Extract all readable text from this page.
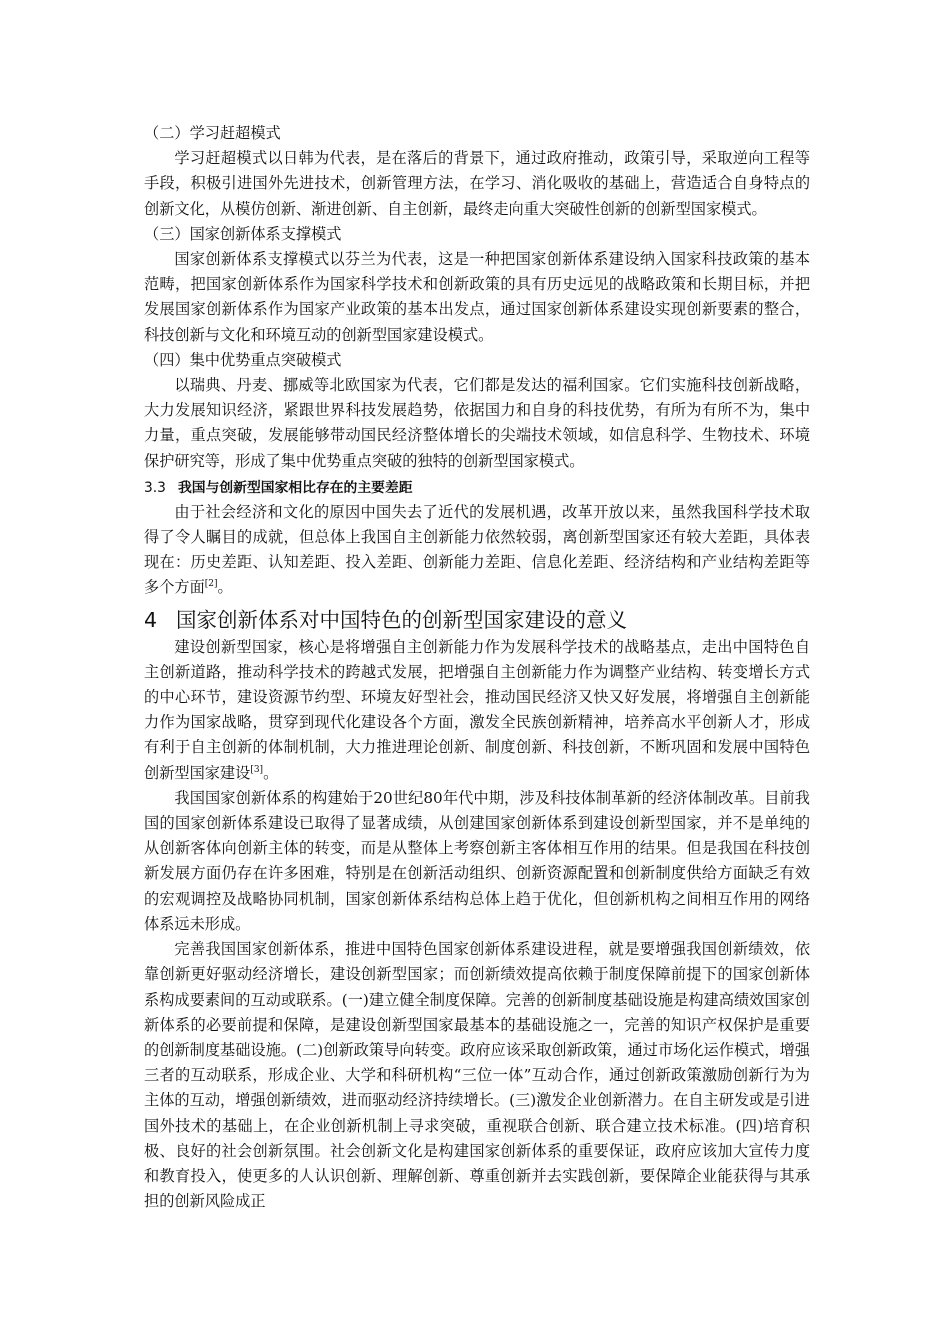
（二）学习赶超模式

学习赶超模式以日韩为代表，是在落后的背景下，通过政府推动，政策引导，采取逆向工程等手段，积极引进国外先进技术，创新管理方法，在学习、消化吸收的基础上，营造适合自身特点的创新文化，从模仿创新、渐进创新、自主创新，最终走向重大突破性创新的创新型国家模式。

（三）国家创新体系支撑模式

国家创新体系支撑模式以芬兰为代表，这是一种把国家创新体系建设纳入国家科技政策的基本范畴，把国家创新体系作为国家科学技术和创新政策的具有历史远见的战略政策和长期目标，并把发展国家创新体系作为国家产业政策的基本出发点，通过国家创新体系建设实现创新要素的整合，科技创新与文化和环境互动的创新型国家建设模式。

（四）集中优势重点突破模式

以瑞典、丹麦、挪威等北欧国家为代表，它们都是发达的福利国家。它们实施科技创新战略，大力发展知识经济，紧跟世界科技发展趋势，依据国力和自身的科技优势，有所为有所不为，集中力量，重点突破，发展能够带动国民经济整体增长的尖端技术领域，如信息科学、生物技术、环境保护研究等，形成了集中优势重点突破的独特的创新型国家模式。

3.3 我国与创新型国家相比存在的主要差距

由于社会经济和文化的原因中国失去了近代的发展机遇，改革开放以来，虽然我国科学技术取得了令人瞩目的成就，但总体上我国自主创新能力依然较弱，离创新型国家还有较大差距，具体表现在：历史差距、认知差距、投入差距、创新能力差距、信息化差距、经济结构和产业结构差距等多个方面[2]。

4 国家创新体系对中国特色的创新型国家建设的意义

建设创新型国家，核心是将增强自主创新能力作为发展科学技术的战略基点，走出中国特色自主创新道路，推动科学技术的跨越式发展，把增强自主创新能力作为调整产业结构、转变增长方式的中心环节，建设资源节约型、环境友好型社会，推动国民经济又快又好发展，将增强自主创新能力作为国家战略，贯穿到现代化建设各个方面，激发全民族创新精神，培养高水平创新人才，形成有利于自主创新的体制机制，大力推进理论创新、制度创新、科技创新，不断巩固和发展中国特色创新型国家建设[3]。

我国国家创新体系的构建始于20世纪80年代中期，涉及科技体制革新的经济体制改革。目前我国的国家创新体系建设已取得了显著成绩，从创建国家创新体系到建设创新型国家，并不是单纯的从创新客体向创新主体的转变，而是从整体上考察创新主客体相互作用的结果。但是我国在科技创新发展方面仍存在许多困难，特别是在创新活动组织、创新资源配置和创新制度供给方面缺乏有效的宏观调控及战略协同机制，国家创新体系结构总体上趋于优化，但创新机构之间相互作用的网络体系远未形成。

完善我国国家创新体系，推进中国特色国家创新体系建设进程，就是要增强我国创新绩效，依靠创新更好驱动经济增长，建设创新型国家；而创新绩效提高依赖于制度保障前提下的国家创新体系构成要素间的互动或联系。(一)建立健全制度保障。完善的创新制度基础设施是构建高绩效国家创新体系的必要前提和保障，是建设创新型国家最基本的基础设施之一，完善的知识产权保护是重要的创新制度基础设施。(二)创新政策导向转变。政府应该采取创新政策，通过市场化运作模式，增强三者的互动联系，形成企业、大学和科研机构“三位一体”互动合作，通过创新政策激励创新行为为主体的互动，增强创新绩效，进而驱动经济持续增长。(三)激发企业创新潜力。在自主研发或是引进国外技术的基础上，在企业创新机制上寻求突破，重视联合创新、联合建立技术标准。(四)培育积极、良好的社会创新氛围。社会创新文化是构建国家创新体系的重要保证，政府应该加大宣传力度和教育投入，使更多的人认识创新、理解创新、尊重创新并去实践创新，要保障企业能获得与其承担的创新风险成正
